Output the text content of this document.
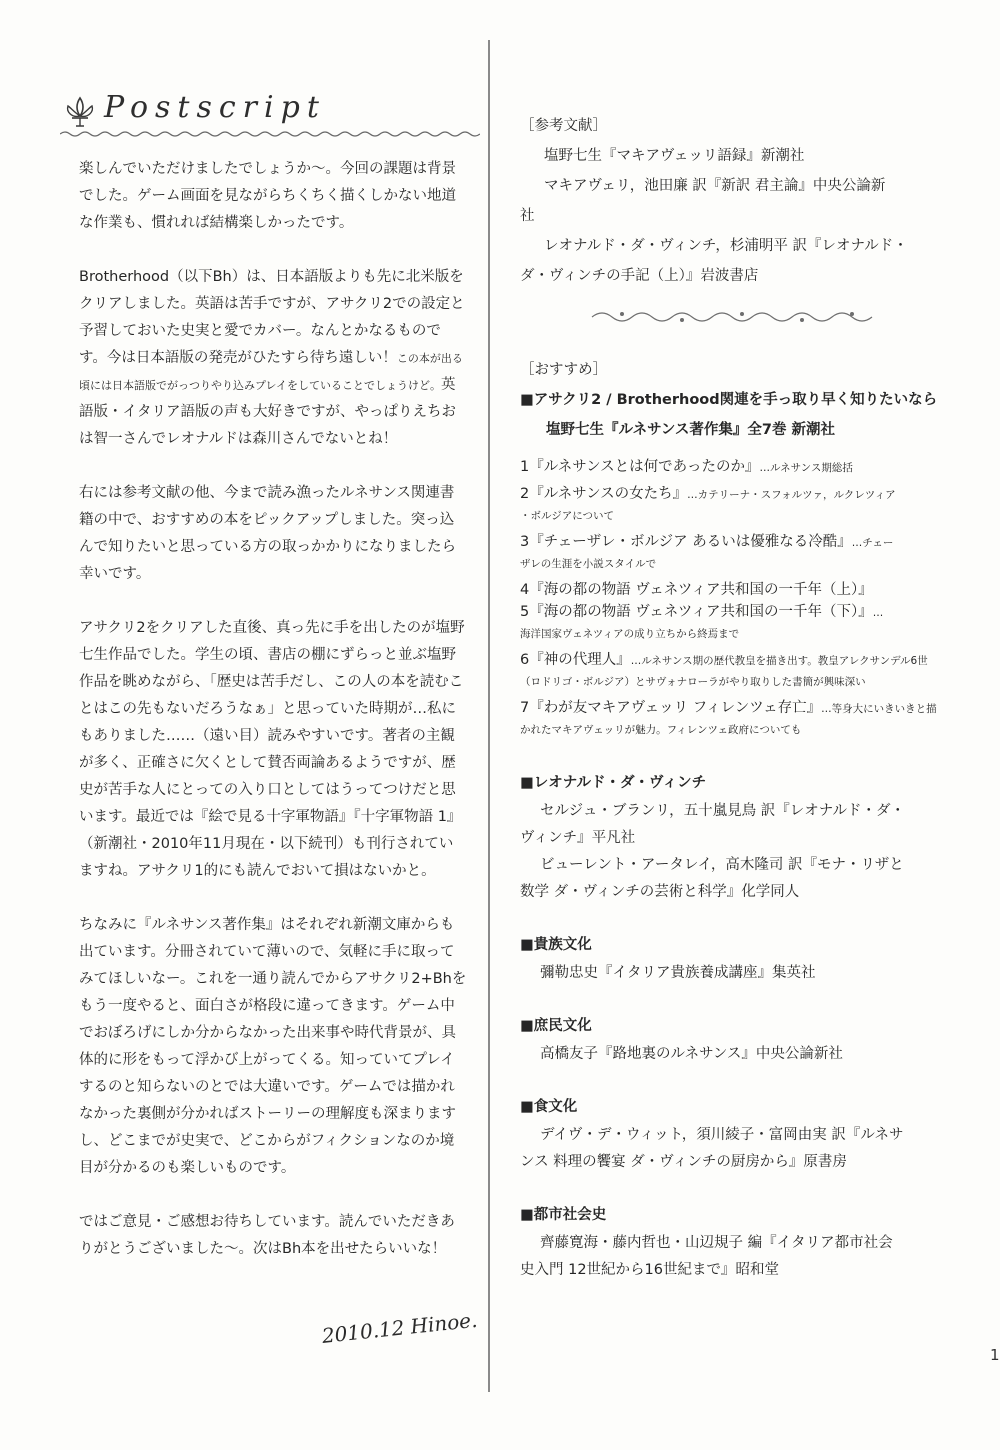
Postscript

楽しんでいただけましたでしょうか〜。今回の課題は背景でした。ゲーム画面を見ながらちくちく描くしかない地道な作業も、慣れれば結構楽しかったです。

Brotherhood（以下Bh）は、日本語版よりも先に北米版をクリアしました。英語は苦手ですが、アサクリ2での設定と予習しておいた史実と愛でカバー。なんとかなるものです。今は日本語版の発売がひたすら待ち遠しい！この本が出る頃には日本語版でがっつりやり込みプレイをしていることでしょうけど。英語版・イタリア語版の声も大好きですが、やっぱりえちおは智一さんでレオナルドは森川さんでないとね！

右には参考文献の他、今まで読み漁ったルネサンス関連書籍の中で、おすすめの本をピックアップしました。突っ込んで知りたいと思っている方の取っかかりになりましたら幸いです。

アサクリ2をクリアした直後、真っ先に手を出したのが塩野七生作品でした。学生の頃、書店の棚にずらっと並ぶ塩野作品を眺めながら、「歴史は苦手だし、この人の本を読むことはこの先もないだろうなぁ」と思っていた時期が…私にもありました……（遠い目）読みやすいです。著者の主観が多く、正確さに欠くとして賛否両論あるようですが、歴史が苦手な人にとっての入り口としてはうってつけだと思います。最近では『絵で見る十字軍物語』『十字軍物語 1』（新潮社・2010年11月現在・以下続刊）も刊行されていますね。アサクリ1的にも読んでおいて損はないかと。

ちなみに『ルネサンス著作集』はそれぞれ新潮文庫からも出ています。分冊されていて薄いので、気軽に手に取ってみてほしいなー。これを一通り読んでからアサクリ2+Bhをもう一度やると、面白さが格段に違ってきます。ゲーム中でおぼろげにしか分からなかった出来事や時代背景が、具体的に形をもって浮かび上がってくる。知っていてプレイするのと知らないのとでは大違いです。ゲームでは描かれなかった裏側が分かればストーリーの理解度も深まりますし、どこまでが史実で、どこからがフィクションなのか境目が分かるのも楽しいものです。

ではご意見・ご感想お待ちしています。読んでいただきありがとうございました〜。次はBh本を出せたらいいな！

2010.12 Hinoe.

［参考文献］

塩野七生『マキアヴェッリ語録』新潮社

マキアヴェリ，池田廉 訳『新訳 君主論』中央公論新

社

レオナルド・ダ・ヴィンチ，杉浦明平 訳『レオナルド・

ダ・ヴィンチの手記（上）』岩波書店

［おすすめ］

■アサクリ2 / Brotherhood関連を手っ取り早く知りたいなら

塩野七生『ルネサンス著作集』全7巻 新潮社

1『ルネサンスとは何であったのか』…ルネサンス期総括

2『ルネサンスの女たち』…カテリーナ・スフォルツァ，ルクレツィア
・ボルジアについて

3『チェーザレ・ボルジア あるいは優雅なる冷酷』…チェー
ザレの生涯を小説スタイルで

4『海の都の物語 ヴェネツィア共和国の一千年（上）』

5『海の都の物語 ヴェネツィア共和国の一千年（下）』…
海洋国家ヴェネツィアの成り立ちから終焉まで

6『神の代理人』…ルネサンス期の歴代教皇を描き出す。教皇アレクサンデル6世（ロドリゴ・ボルジア）とサヴォナローラがやり取りした書簡が興味深い

7『わが友マキアヴェッリ フィレンツェ存亡』…等身大にいきいきと描かれたマキアヴェッリが魅力。フィレンツェ政府についても

■レオナルド・ダ・ヴィンチ

セルジュ・ブランリ，五十嵐見鳥 訳『レオナルド・ダ・

ヴィンチ』平凡社

ビューレント・アータレイ，高木隆司 訳『モナ・リザと

数学 ダ・ヴィンチの芸術と科学』化学同人

■貴族文化

彌勒忠史『イタリア貴族養成講座』集英社

■庶民文化

高橋友子『路地裏のルネサンス』中央公論新社

■食文化

デイヴ・デ・ウィット，須川綾子・富岡由実 訳『ルネサ

ンス 料理の饗宴 ダ・ヴィンチの厨房から』原書房

■都市社会史

齊藤寛海・藤内哲也・山辺規子 編『イタリア都市社会

史入門 12世紀から16世紀まで』昭和堂

1
